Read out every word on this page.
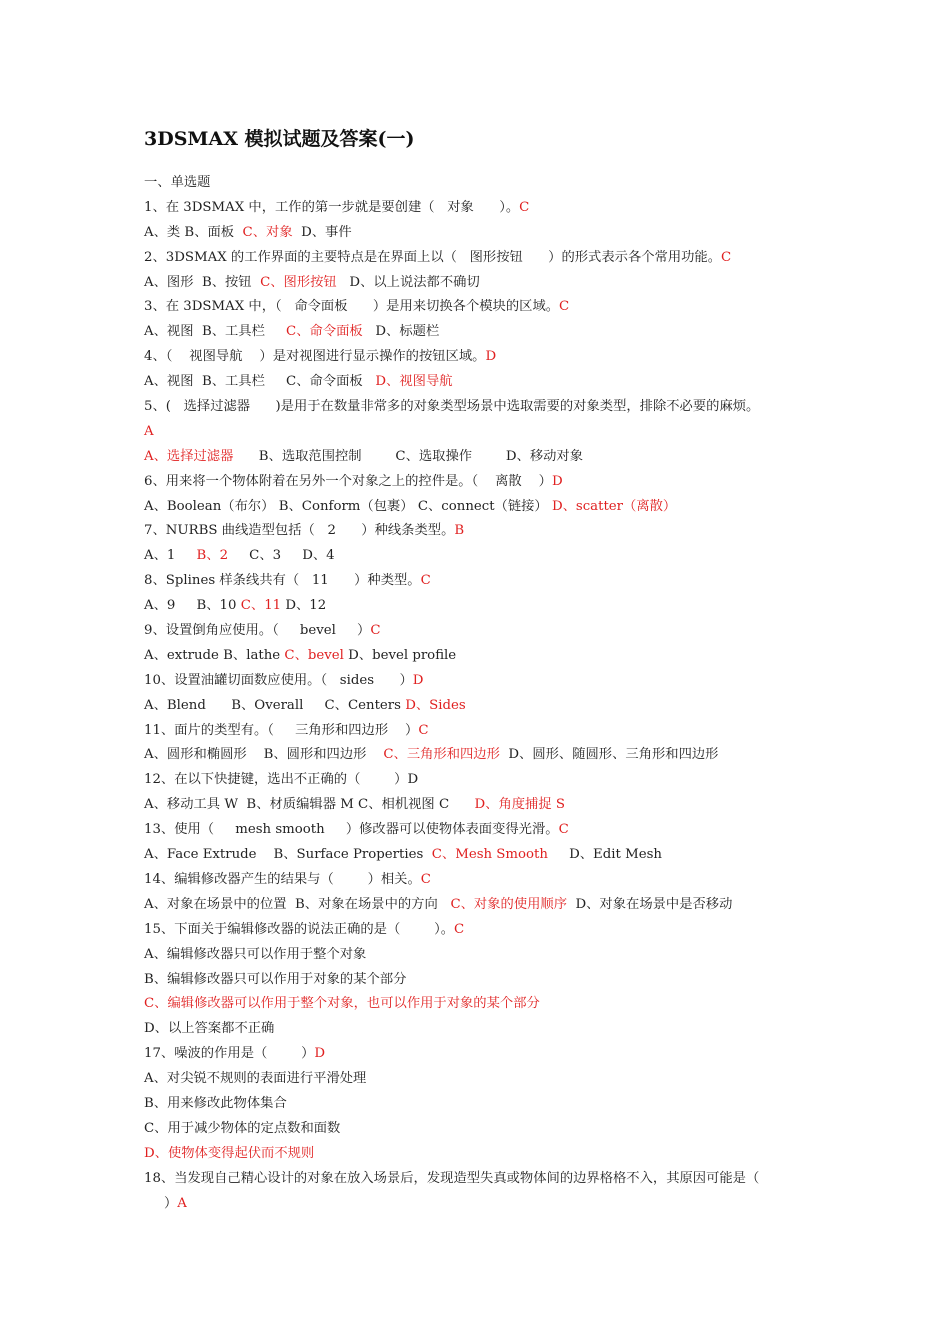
3DSMAX 模拟试题及答案(一)
一、单选题
1、在 3DSMAX 中，工作的第一步就是要创建（   对象      ）。C
A、类 B、面板  C、对象  D、事件
2、3DSMAX 的工作界面的主要特点是在界面上以（   图形按钮      ）的形式表示各个常用功能。C
A、图形  B、按钮  C、图形按钮   D、以上说法都不确切
3、在 3DSMAX 中，（   命令面板      ）是用来切换各个模块的区域。C
A、视图  B、工具栏     C、命令面板   D、标题栏
4、（    视图导航    ）是对视图进行显示操作的按钮区域。D
A、视图  B、工具栏     C、命令面板   D、视图导航
5、(   选择过滤器      )是用于在数量非常多的对象类型场景中选取需要的对象类型，排除不必要的麻烦。
A
A、选择过滤器      B、选取范围控制        C、选取操作        D、移动对象
6、用来将一个物体附着在另外一个对象之上的控件是。（    离散    ）D
A、Boolean（布尔） B、Conform（包裹） C、connect（链接） D、scatter（离散）
7、NURBS 曲线造型包括（   2      ）种线条类型。B
A、1     B、2     C、3     D、4
8、Splines 样条线共有（   11      ）种类型。C
A、9     B、10 C、11 D、12
9、设置倒角应使用。（     bevel     ）C
A、extrude B、lathe C、bevel D、bevel profile
10、设置油罐切面数应使用。（   sides      ）D
A、Blend      B、Overall     C、Centers D、Sides
11、面片的类型有。（     三角形和四边形    ）C
A、圆形和椭圆形    B、圆形和四边形    C、三角形和四边形  D、圆形、随圆形、三角形和四边形
12、在以下快捷键，选出不正确的（        ）D
A、移动工具 W  B、材质编辑器 M C、相机视图 C      D、角度捕捉 S
13、使用（     mesh smooth     ）修改器可以使物体表面变得光滑。C
A、Face Extrude    B、Surface Properties  C、Mesh Smooth     D、Edit Mesh
14、编辑修改器产生的结果与（        ）相关。C
A、对象在场景中的位置  B、对象在场景中的方向   C、对象的使用顺序  D、对象在场景中是否移动
15、下面关于编辑修改器的说法正确的是（        ）。C
A、编辑修改器只可以作用于整个对象
B、编辑修改器只可以作用于对象的某个部分
C、编辑修改器可以作用于整个对象，也可以作用于对象的某个部分
D、以上答案都不正确
17、噪波的作用是（        ）D
A、对尖锐不规则的表面进行平滑处理
B、用来修改此物体集合
C、用于减少物体的定点数和面数
D、使物体变得起伏而不规则
18、当发现自己精心设计的对象在放入场景后，发现造型失真或物体间的边界格格不入，其原因可能是（
）A
